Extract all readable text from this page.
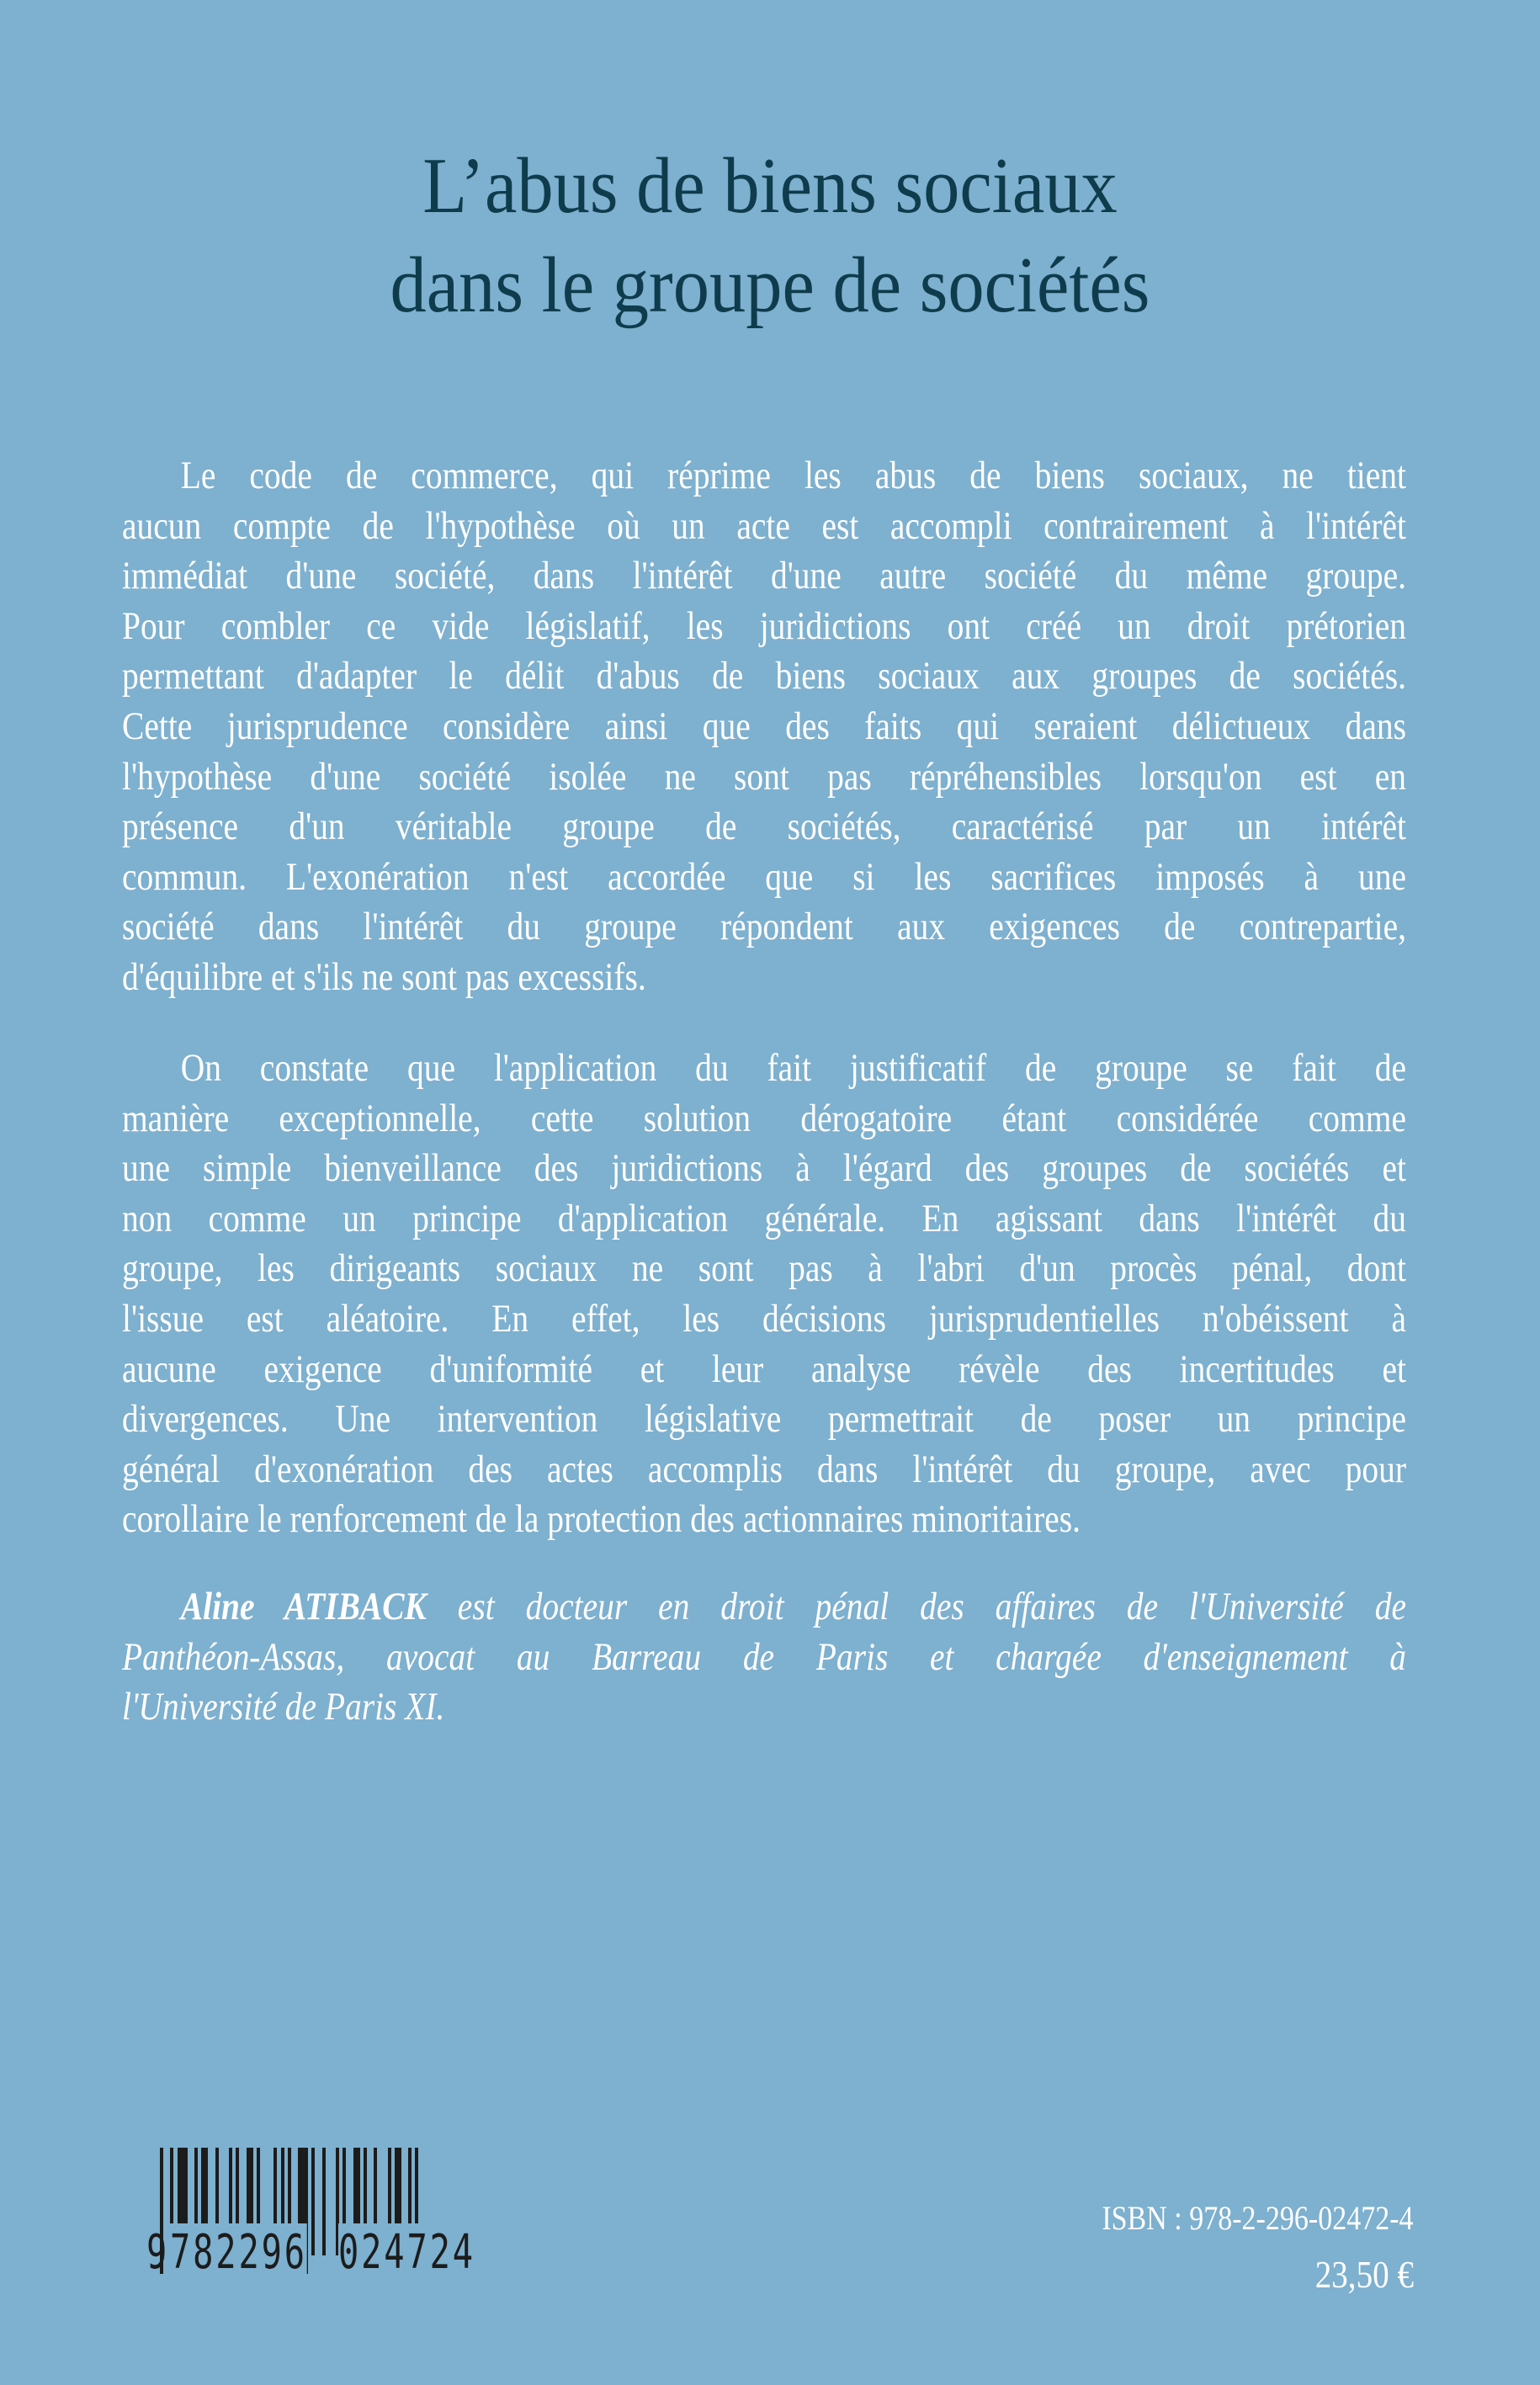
L’abus de biens sociaux
dans le groupe de sociétés
Le code de commerce, qui réprime les abus de biens sociaux, ne tient
aucun compte de l'hypothèse où un acte est accompli contrairement à l'intérêt
immédiat d'une société, dans l'intérêt d'une autre société du même groupe.
Pour combler ce vide législatif, les juridictions ont créé un droit prétorien
permettant d'adapter le délit d'abus de biens sociaux aux groupes de sociétés.
Cette jurisprudence considère ainsi que des faits qui seraient délictueux dans
l'hypothèse d'une société isolée ne sont pas répréhensibles lorsqu'on est en
présence d'un véritable groupe de sociétés, caractérisé par un intérêt
commun. L'exonération n'est accordée que si les sacrifices imposés à une
société dans l'intérêt du groupe répondent aux exigences de contrepartie,
d'équilibre et s'ils ne sont pas excessifs.
On constate que l'application du fait justificatif de groupe se fait de
manière exceptionnelle, cette solution dérogatoire étant considérée comme
une simple bienveillance des juridictions à l'égard des groupes de sociétés et
non comme un principe d'application générale. En agissant dans l'intérêt du
groupe, les dirigeants sociaux ne sont pas à l'abri d'un procès pénal, dont
l'issue est aléatoire. En effet, les décisions jurisprudentielles n'obéissent à
aucune exigence d'uniformité et leur analyse révèle des incertitudes et
divergences. Une intervention législative permettrait de poser un principe
général d'exonération des actes accomplis dans l'intérêt du groupe, avec pour
corollaire le renforcement de la protection des actionnaires minoritaires.
Aline ATIBACK est docteur en droit pénal des affaires de l'Université de
Panthéon-Assas, avocat au Barreau de Paris et chargée d'enseignement à
l'Université de Paris XI.
9 782296 024724
ISBN : 978-2-296-02472-4
23,50 €
